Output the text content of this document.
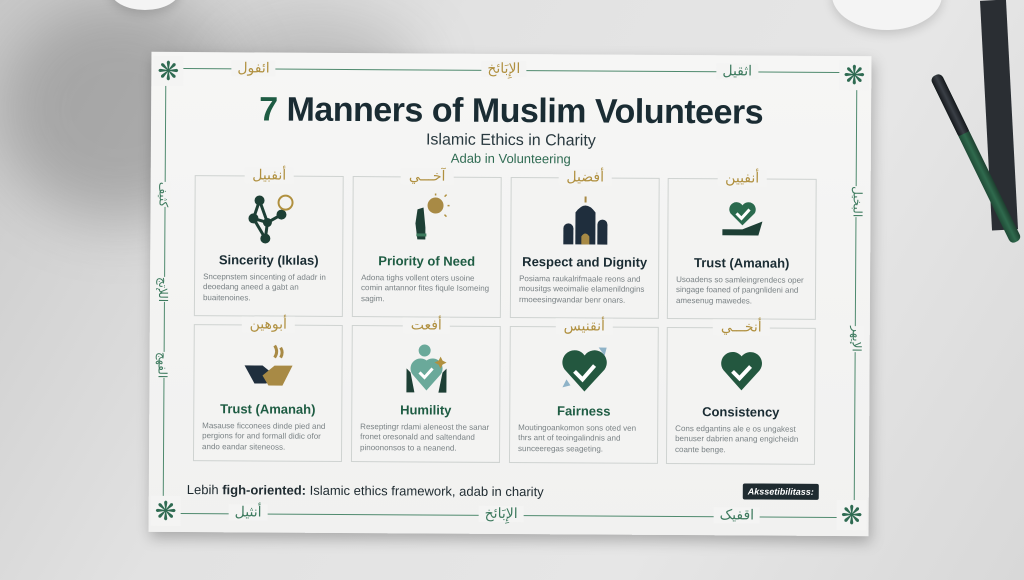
❋	❋
❋	❋
ائفول	الإِبَائخ	اثقيل
أنثيل	الإِبَائخ	اقفيک
كثيف
اللإتج
الفهج
البخيل
الإيهر
7 Manners of Muslim Volunteers
Islamic Ethics in Charity
Adab in Volunteering
أنفبيل
Sincerity (Ikılas)

Sncepnstem sincenting of adadr in deoedang aneed a gabt an buaitenoines.

آخـــي
Priority of Need

Adona tighs vollent oters usoine comin antannor fites fiqule Isomeing sagim.

أفضيل
Respect and Dignity

Posiama raukalrifmaale reons and mousitgs weoimalie elamenildngins rmoeesingwandar benr onars.

أنفيين
Trust (Amanah)

Usoadens so samleingrendecs oper singage foaned of pangnlideni and amesenug mawedes.

أبوهين
Trust (Amanah)

Masause ficconees dinde pied and pergions for and formall didic ofor ando eandar siteneoss.

أفعت
Humility

Reseptingr rdami aleneost the sanar fronet oresonald and saltendand pinoononsos to a neanend.

أنقنيس
Fairness

Moutingoankomon sons oted ven thrs ant of teoingalindnis and sunceeregas seageting.

أنخـــي
Consistency

Cons edgantins ale e os ungakest benuser dabrien anang engicheidn coante benge.

Lebih figh-oriented: Islamic ethics framework, adab in charity	Akssetibilitass:
